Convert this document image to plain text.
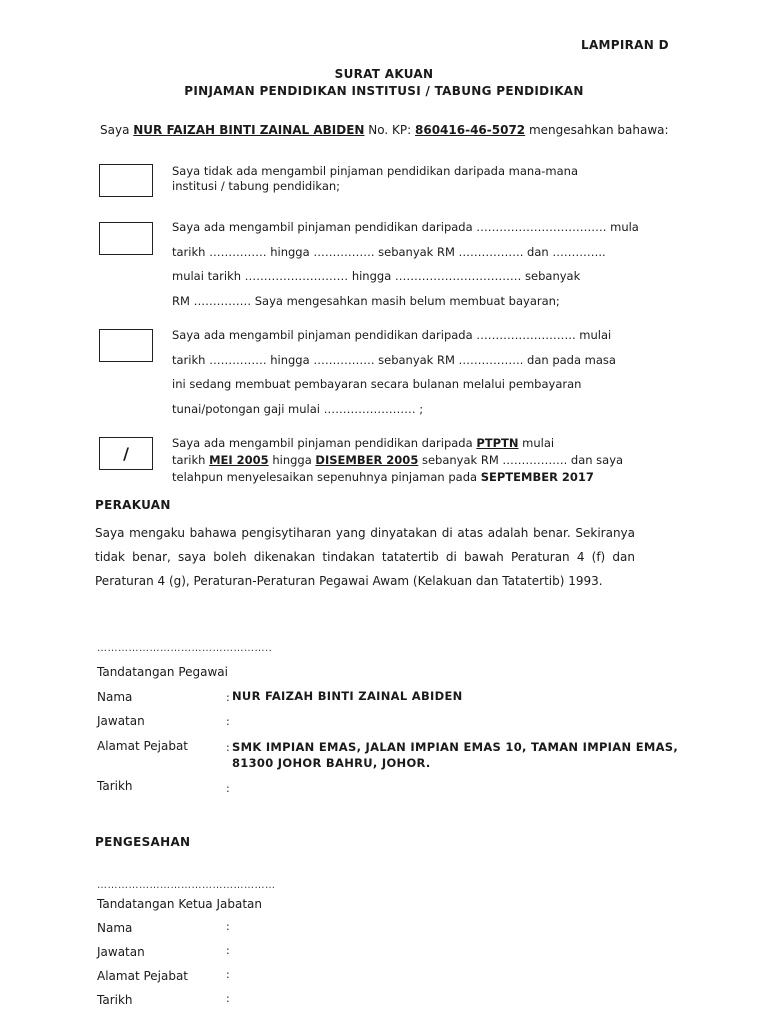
LAMPIRAN D
SURAT AKUAN
PINJAMAN PENDIDIKAN INSTITUSI / TABUNG PENDIDIKAN
Saya NUR FAIZAH BINTI ZAINAL ABIDEN No. KP: 860416-46-5072 mengesahkan bahawa:
Saya tidak ada mengambil pinjaman pendidikan daripada mana-mana
institusi / tabung pendidikan;
Saya ada mengambil pinjaman pendidikan daripada ……………………………. mula
tarikh …………… hingga ……………. sebanyak RM …………….. dan …………..
mulai tarikh ……………………… hingga …………………………… sebanyak
RM …………… Saya mengesahkan masih belum membuat bayaran;
Saya ada mengambil pinjaman pendidikan daripada …………………….. mulai
tarikh …………… hingga ……………. sebanyak RM …………….. dan pada masa
ini sedang membuat pembayaran secara bulanan melalui pembayaran
tunai/potongan gaji mulai …………………… ;
/
Saya ada mengambil pinjaman pendidikan daripada PTPTN mulai
tarikh MEI 2005 hingga DISEMBER 2005 sebanyak RM …………….. dan saya
telahpun menyelesaikan sepenuhnya pinjaman pada SEPTEMBER 2017
PERAKUAN
Saya mengaku bahawa pengisytiharan yang dinyatakan di atas adalah benar. Sekiranya
tidak benar, saya boleh dikenakan tindakan tatatertib di bawah Peraturan 4 (f) dan
Peraturan 4 (g), Peraturan-Peraturan Pegawai Awam (Kelakuan dan Tatatertib) 1993.
…………………………………………..
Tandatangan Pegawai
Nama	: NUR FAIZAH BINTI ZAINAL ABIDEN
Jawatan	:
Alamat Pejabat	: SMK IMPIAN EMAS, JALAN IMPIAN EMAS 10, TAMAN IMPIAN EMAS,
81300 JOHOR BAHRU, JOHOR.
Tarikh	:
PENGESAHAN
……………………………………………
Tandatangan Ketua Jabatan
Nama	:
Jawatan	:
Alamat Pejabat	:
Tarikh	:
